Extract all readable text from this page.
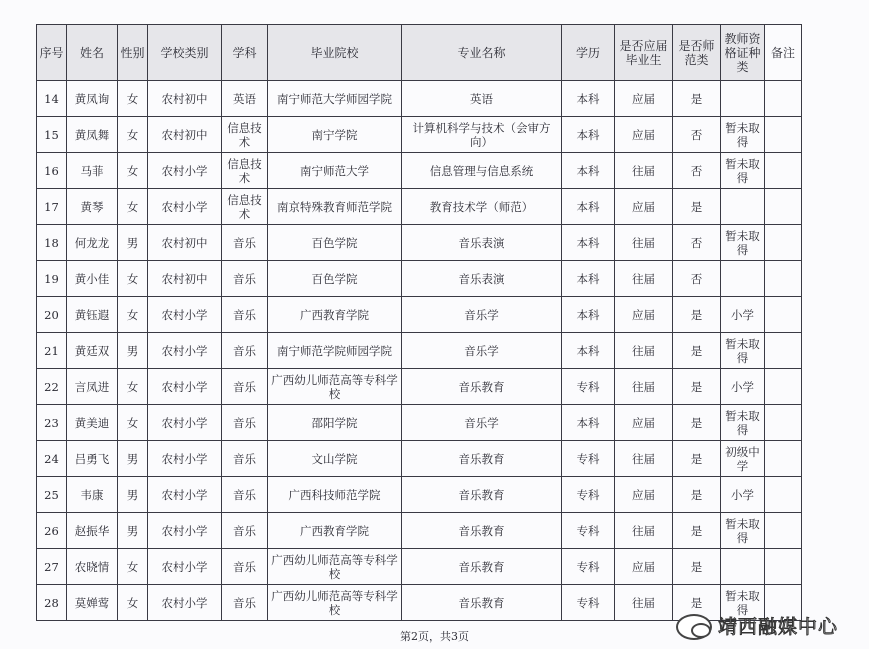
序号	姓名	性别	学校类别	学科	毕业院校	专业名称	学历	是否应届毕业生	是否师范类	教师资格证种类	备注
14	黄凤询	女	农村初中	英语	南宁师范大学师园学院	英语	本科	应届	是		
15	黄凤舞	女	农村初中	信息技术	南宁学院	计算机科学与技术（会审方向）	本科	应届	否	暂未取得	
16	马菲	女	农村小学	信息技术	南宁师范大学	信息管理与信息系统	本科	往届	否	暂未取得	
17	黄琴	女	农村小学	信息技术	南京特殊教育师范学院	教育技术学（师范）	本科	应届	是		
18	何龙龙	男	农村初中	音乐	百色学院	音乐表演	本科	往届	否	暂未取得	
19	黄小佳	女	农村初中	音乐	百色学院	音乐表演	本科	往届	否		
20	黄钰遐	女	农村小学	音乐	广西教育学院	音乐学	本科	应届	是	小学	
21	黄廷双	男	农村小学	音乐	南宁师范学院师园学院	音乐学	本科	往届	是	暂未取得	
22	言凤进	女	农村小学	音乐	广西幼儿师范高等专科学校	音乐教育	专科	往届	是	小学	
23	黄美迪	女	农村小学	音乐	邵阳学院	音乐学	本科	应届	是	暂未取得	
24	吕勇飞	男	农村小学	音乐	文山学院	音乐教育	专科	往届	是	初级中学	
25	韦康	男	农村小学	音乐	广西科技师范学院	音乐教育	专科	应届	是	小学	
26	赵振华	男	农村小学	音乐	广西教育学院	音乐教育	专科	往届	是	暂未取得	
27	农晓情	女	农村小学	音乐	广西幼儿师范高等专科学校	音乐教育	专科	应届	是		
28	莫婵莺	女	农村小学	音乐	广西幼儿师范高等专科学校	音乐教育	专科	往届	是	暂未取得	
第2页，共3页	靖西融媒中心
